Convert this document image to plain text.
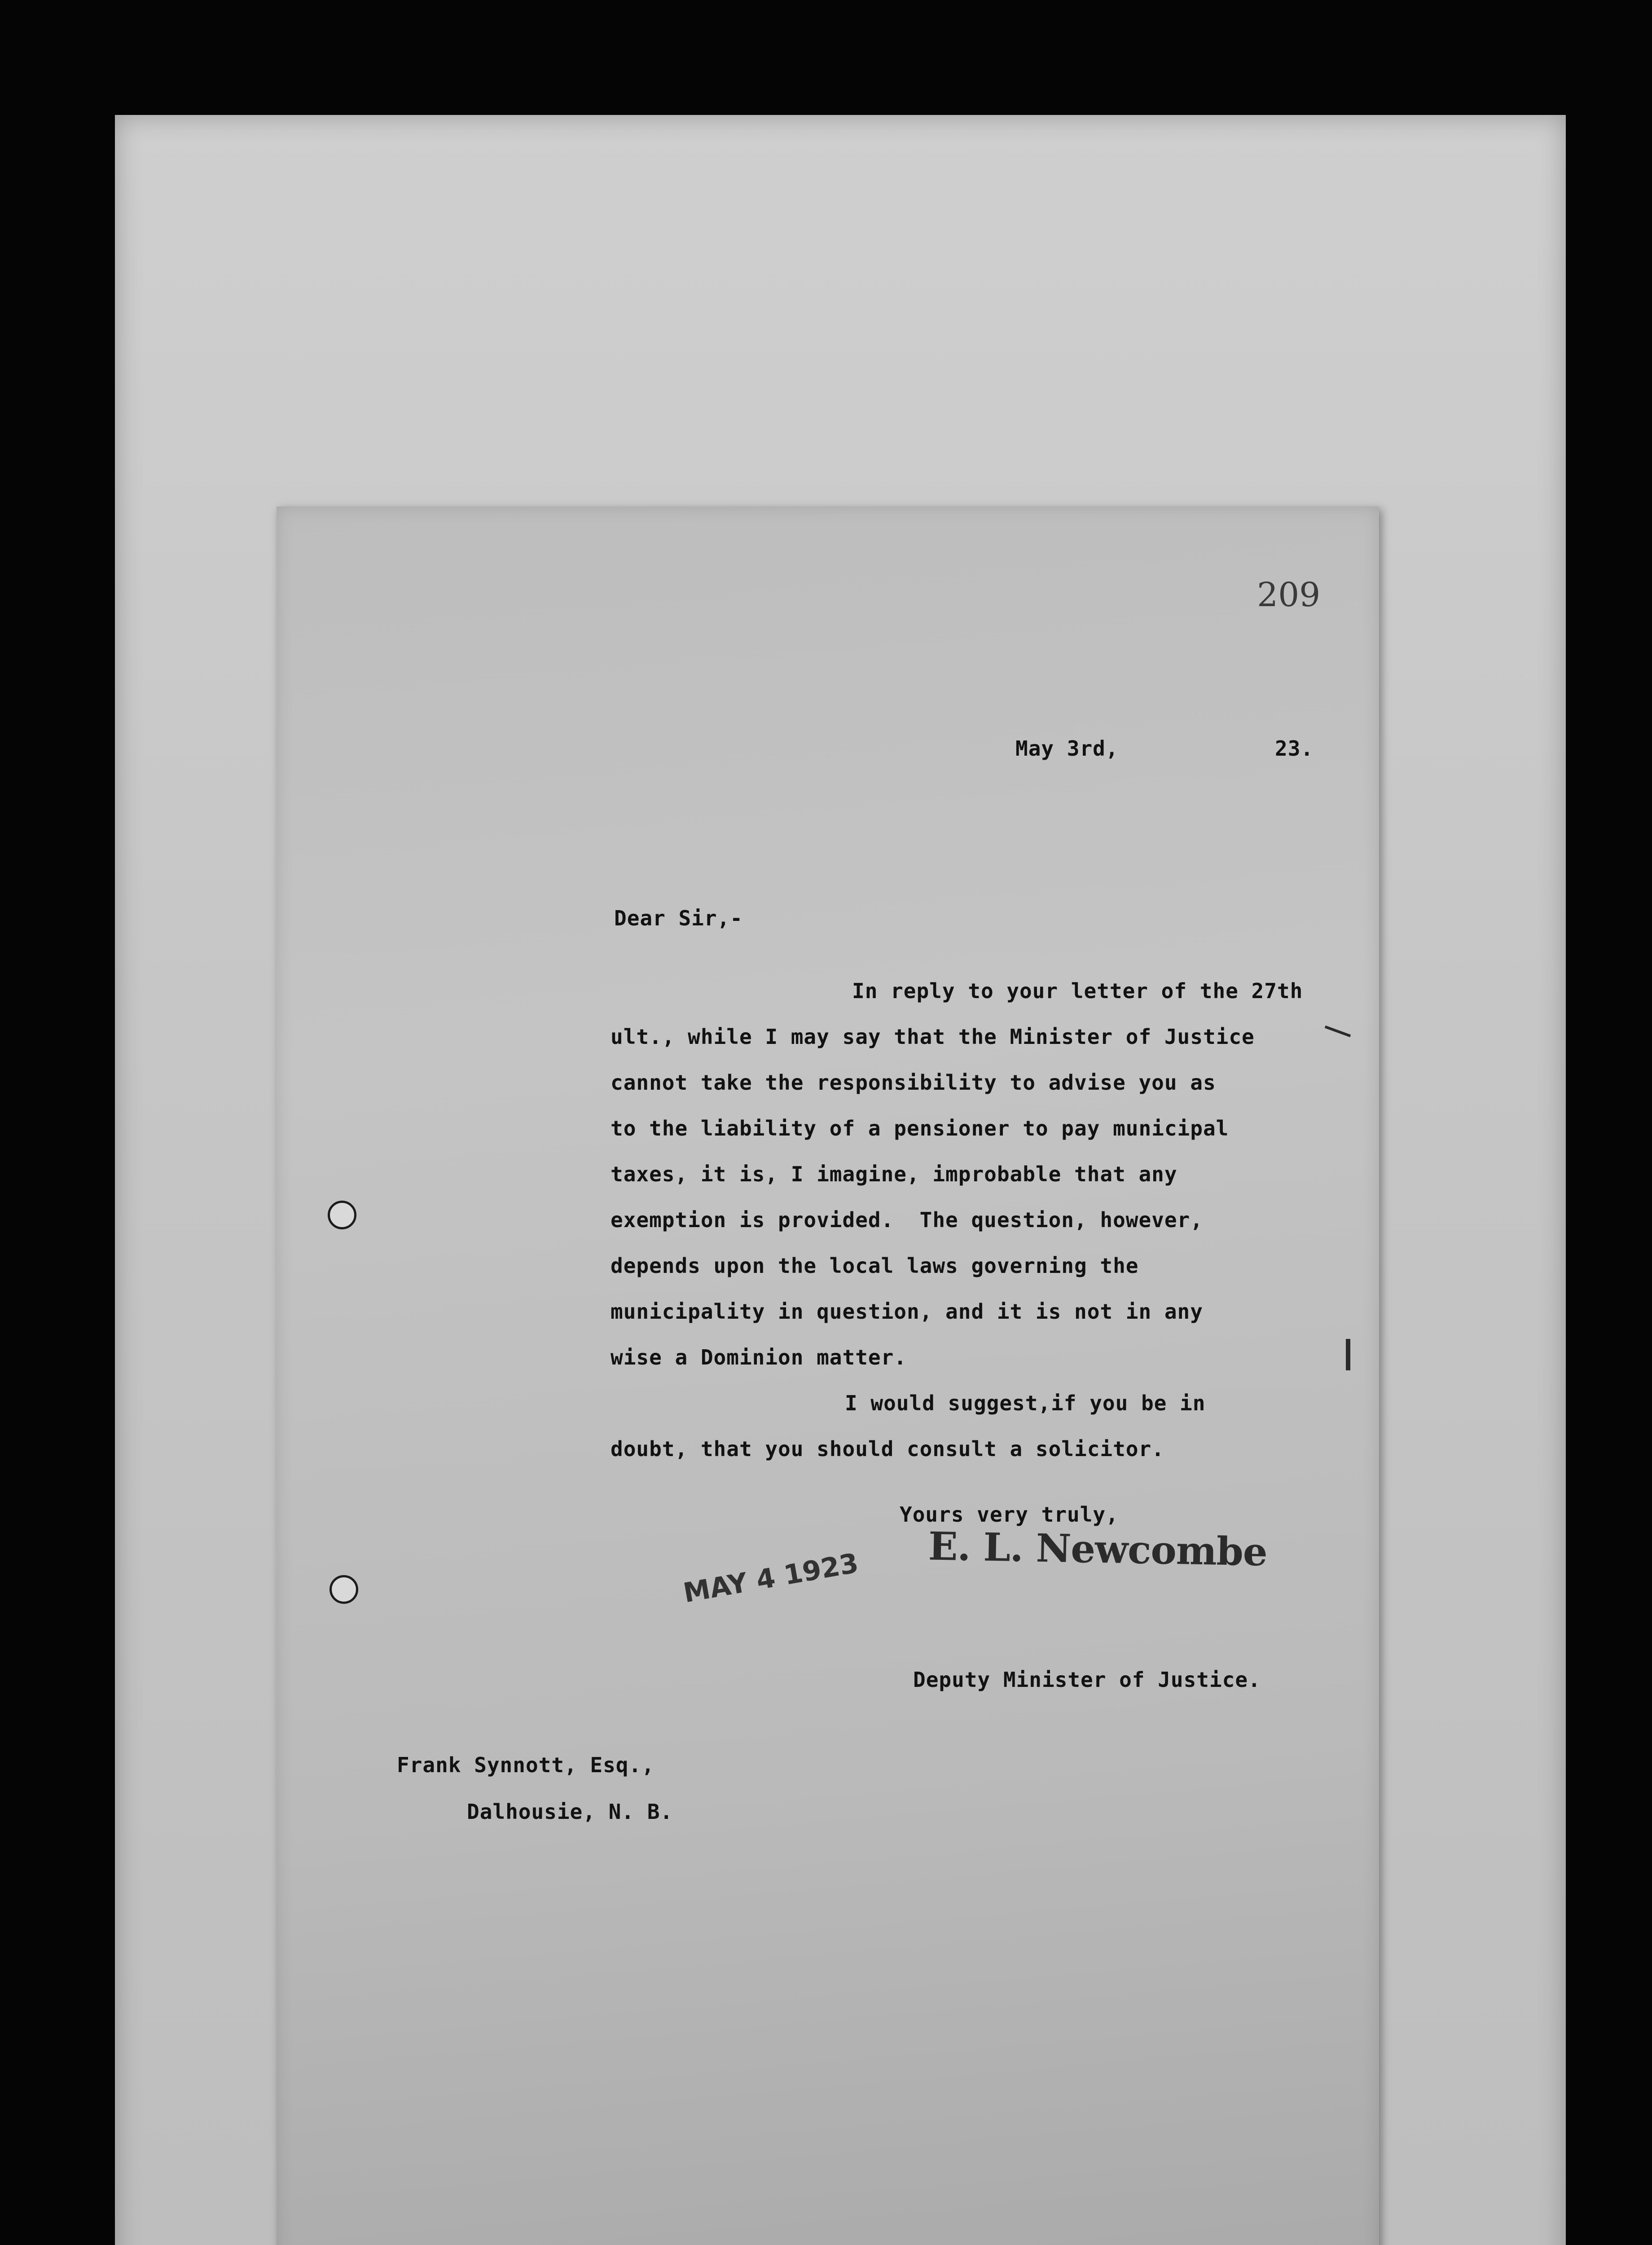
209
May 3rd,	23.
Dear Sir,-
In reply to your letter of the 27th
ult., while I may say that the Minister of Justice
cannot take the responsibility to advise you as
to the liability of a pensioner to pay municipal
taxes, it is, I imagine, improbable that any
exemption is provided.  The question, however,
depends upon the local laws governing the
municipality in question, and it is not in any
wise a Dominion matter.
I would suggest,if you be in
doubt, that you should consult a solicitor.
Yours very truly,
E. L. Newcombe
MAY 4 1923
Deputy Minister of Justice.
Frank Synnott, Esq.,
Dalhousie, N. B.
